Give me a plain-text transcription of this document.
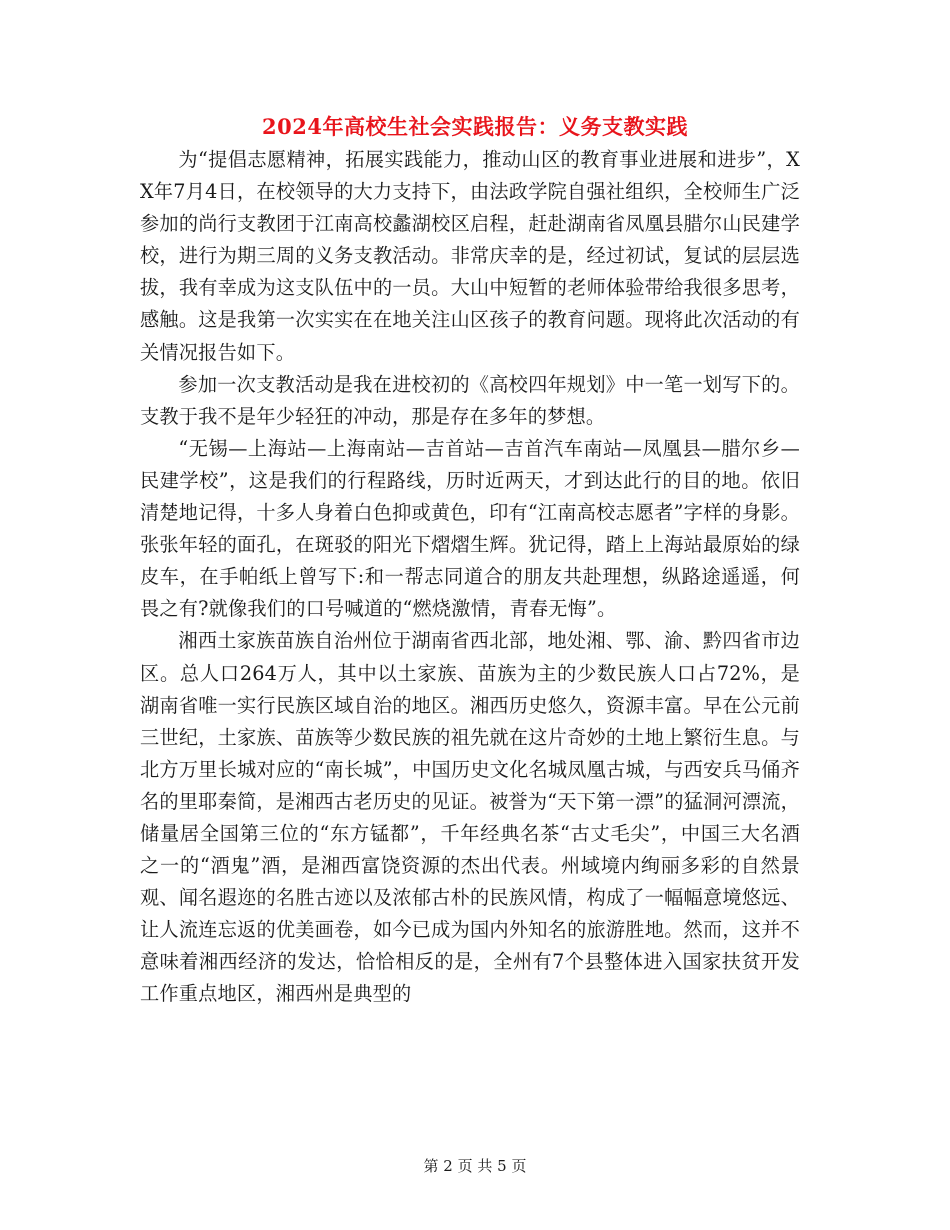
2024年高校生社会实践报告：义务支教实践

为“提倡志愿精神，拓展实践能力，推动山区的教育事业进展和进步”，XX年7月4日，在校领导的大力支持下，由法政学院自强社组织，全校师生广泛参加的尚行支教团于江南高校蠡湖校区启程，赶赴湖南省凤凰县腊尔山民建学校，进行为期三周的义务支教活动。非常庆幸的是，经过初试，复试的层层选拔，我有幸成为这支队伍中的一员。大山中短暂的老师体验带给我很多思考，感触。这是我第一次实实在在地关注山区孩子的教育问题。现将此次活动的有关情况报告如下。

参加一次支教活动是我在进校初的《高校四年规划》中一笔一划写下的。支教于我不是年少轻狂的冲动，那是存在多年的梦想。

“无锡—上海站—上海南站—吉首站—吉首汽车南站—凤凰县—腊尔乡—民建学校”，这是我们的行程路线，历时近两天，才到达此行的目的地。依旧清楚地记得，十多人身着白色抑或黄色，印有“江南高校志愿者”字样的身影。张张年轻的面孔，在斑驳的阳光下熠熠生辉。犹记得，踏上上海站最原始的绿皮车，在手帕纸上曾写下:和一帮志同道合的朋友共赴理想，纵路途遥遥，何畏之有?就像我们的口号喊道的“燃烧激情，青春无悔”。

湘西土家族苗族自治州位于湖南省西北部，地处湘、鄂、渝、黔四省市边区。总人口264万人，其中以土家族、苗族为主的少数民族人口占72%，是湖南省唯一实行民族区域自治的地区。湘西历史悠久，资源丰富。早在公元前三世纪，土家族、苗族等少数民族的祖先就在这片奇妙的土地上繁衍生息。与北方万里长城对应的“南长城”，中国历史文化名城凤凰古城，与西安兵马俑齐名的里耶秦简，是湘西古老历史的见证。被誉为“天下第一漂”的猛洞河漂流，储量居全国第三位的“东方锰都”，千年经典名茶“古丈毛尖”，中国三大名酒之一的“酒鬼”酒，是湘西富饶资源的杰出代表。州域境内绚丽多彩的自然景观、闻名遐迩的名胜古迹以及浓郁古朴的民族风情，构成了一幅幅意境悠远、让人流连忘返的优美画卷，如今已成为国内外知名的旅游胜地。然而，这并不意味着湘西经济的发达，恰恰相反的是，全州有7个县整体进入国家扶贫开发工作重点地区，湘西州是典型的

第 2 页 共 5 页
